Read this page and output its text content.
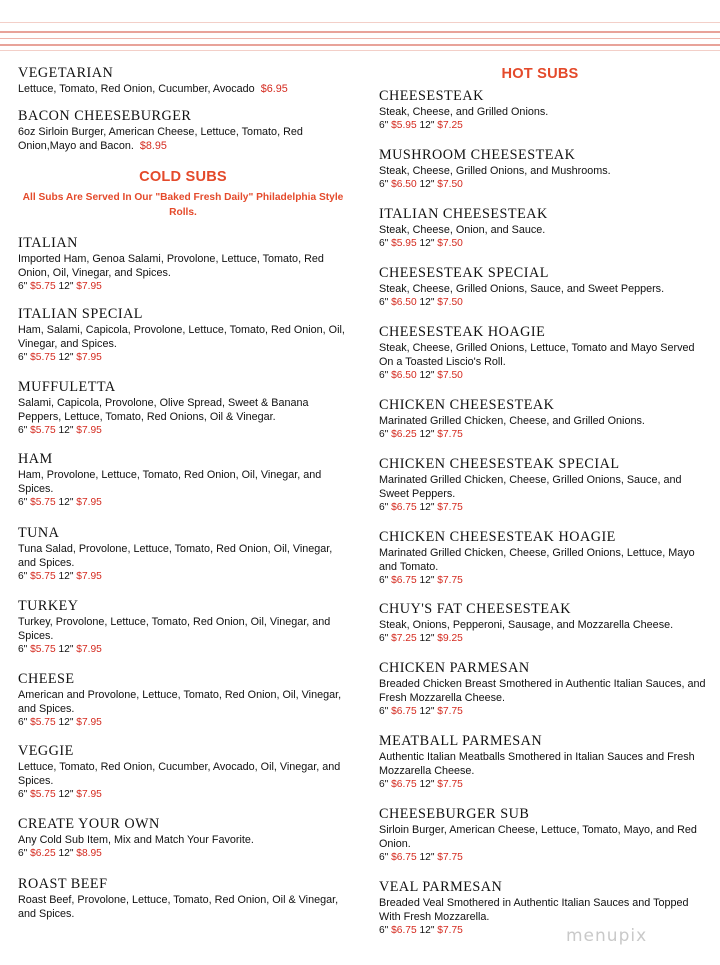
VEGETARIAN
Lettuce, Tomato, Red Onion, Cucumber, Avocado $6.95
BACON CHEESEBURGER
6oz Sirloin Burger, American Cheese, Lettuce, Tomato, Red Onion,Mayo and Bacon. $8.95
COLD SUBS
All Subs Are Served In Our "Baked Fresh Daily" Philadelphia Style Rolls.
ITALIAN
Imported Ham, Genoa Salami, Provolone, Lettuce, Tomato, Red Onion, Oil, Vinegar, and Spices.
6" $5.75 12" $7.95
ITALIAN SPECIAL
Ham, Salami, Capicola, Provolone, Lettuce, Tomato, Red Onion, Oil, Vinegar, and Spices.
6" $5.75 12" $7.95
MUFFULETTA
Salami, Capicola, Provolone, Olive Spread, Sweet & Banana Peppers, Lettuce, Tomato, Red Onions, Oil & Vinegar.
6" $5.75 12" $7.95
HAM
Ham, Provolone, Lettuce, Tomato, Red Onion, Oil, Vinegar, and Spices.
6" $5.75 12" $7.95
TUNA
Tuna Salad, Provolone, Lettuce, Tomato, Red Onion, Oil, Vinegar, and Spices.
6" $5.75 12" $7.95
TURKEY
Turkey, Provolone, Lettuce, Tomato, Red Onion, Oil, Vinegar, and Spices.
6" $5.75 12" $7.95
CHEESE
American and Provolone, Lettuce, Tomato, Red Onion, Oil, Vinegar, and Spices.
6" $5.75 12" $7.95
VEGGIE
Lettuce, Tomato, Red Onion, Cucumber, Avocado, Oil, Vinegar, and Spices.
6" $5.75 12" $7.95
CREATE YOUR OWN
Any Cold Sub Item, Mix and Match Your Favorite.
6" $6.25 12" $8.95
ROAST BEEF
Roast Beef, Provolone, Lettuce, Tomato, Red Onion, Oil & Vinegar, and Spices.
HOT SUBS
CHEESESTEAK
Steak, Cheese, and Grilled Onions.
6" $5.95 12" $7.25
MUSHROOM CHEESESTEAK
Steak, Cheese, Grilled Onions, and Mushrooms.
6" $6.50 12" $7.50
ITALIAN CHEESESTEAK
Steak, Cheese, Onion, and Sauce.
6" $5.95 12" $7.50
CHEESESTEAK SPECIAL
Steak, Cheese, Grilled Onions, Sauce, and Sweet Peppers.
6" $6.50 12" $7.50
CHEESESTEAK HOAGIE
Steak, Cheese, Grilled Onions, Lettuce, Tomato and Mayo Served On a Toasted Liscio's Roll.
6" $6.50 12" $7.50
CHICKEN CHEESESTEAK
Marinated Grilled Chicken, Cheese, and Grilled Onions.
6" $6.25 12" $7.75
CHICKEN CHEESESTEAK SPECIAL
Marinated Grilled Chicken, Cheese, Grilled Onions, Sauce, and Sweet Peppers.
6" $6.75 12" $7.75
CHICKEN CHEESESTEAK HOAGIE
Marinated Grilled Chicken, Cheese, Grilled Onions, Lettuce, Mayo and Tomato.
6" $6.75 12" $7.75
CHUY'S FAT CHEESESTEAK
Steak, Onions, Pepperoni, Sausage, and Mozzarella Cheese.
6" $7.25 12" $9.25
CHICKEN PARMESAN
Breaded Chicken Breast Smothered in Authentic Italian Sauces, and Fresh Mozzarella Cheese.
6" $6.75 12" $7.75
MEATBALL PARMESAN
Authentic Italian Meatballs Smothered in Italian Sauces and Fresh Mozzarella Cheese.
6" $6.75 12" $7.75
CHEESEBURGER SUB
Sirloin Burger, American Cheese, Lettuce, Tomato, Mayo, and Red Onion.
6" $6.75 12" $7.75
VEAL PARMESAN
Breaded Veal Smothered in Authentic Italian Sauces and Topped With Fresh Mozzarella.
6" $6.75 12" $7.75	menupix
